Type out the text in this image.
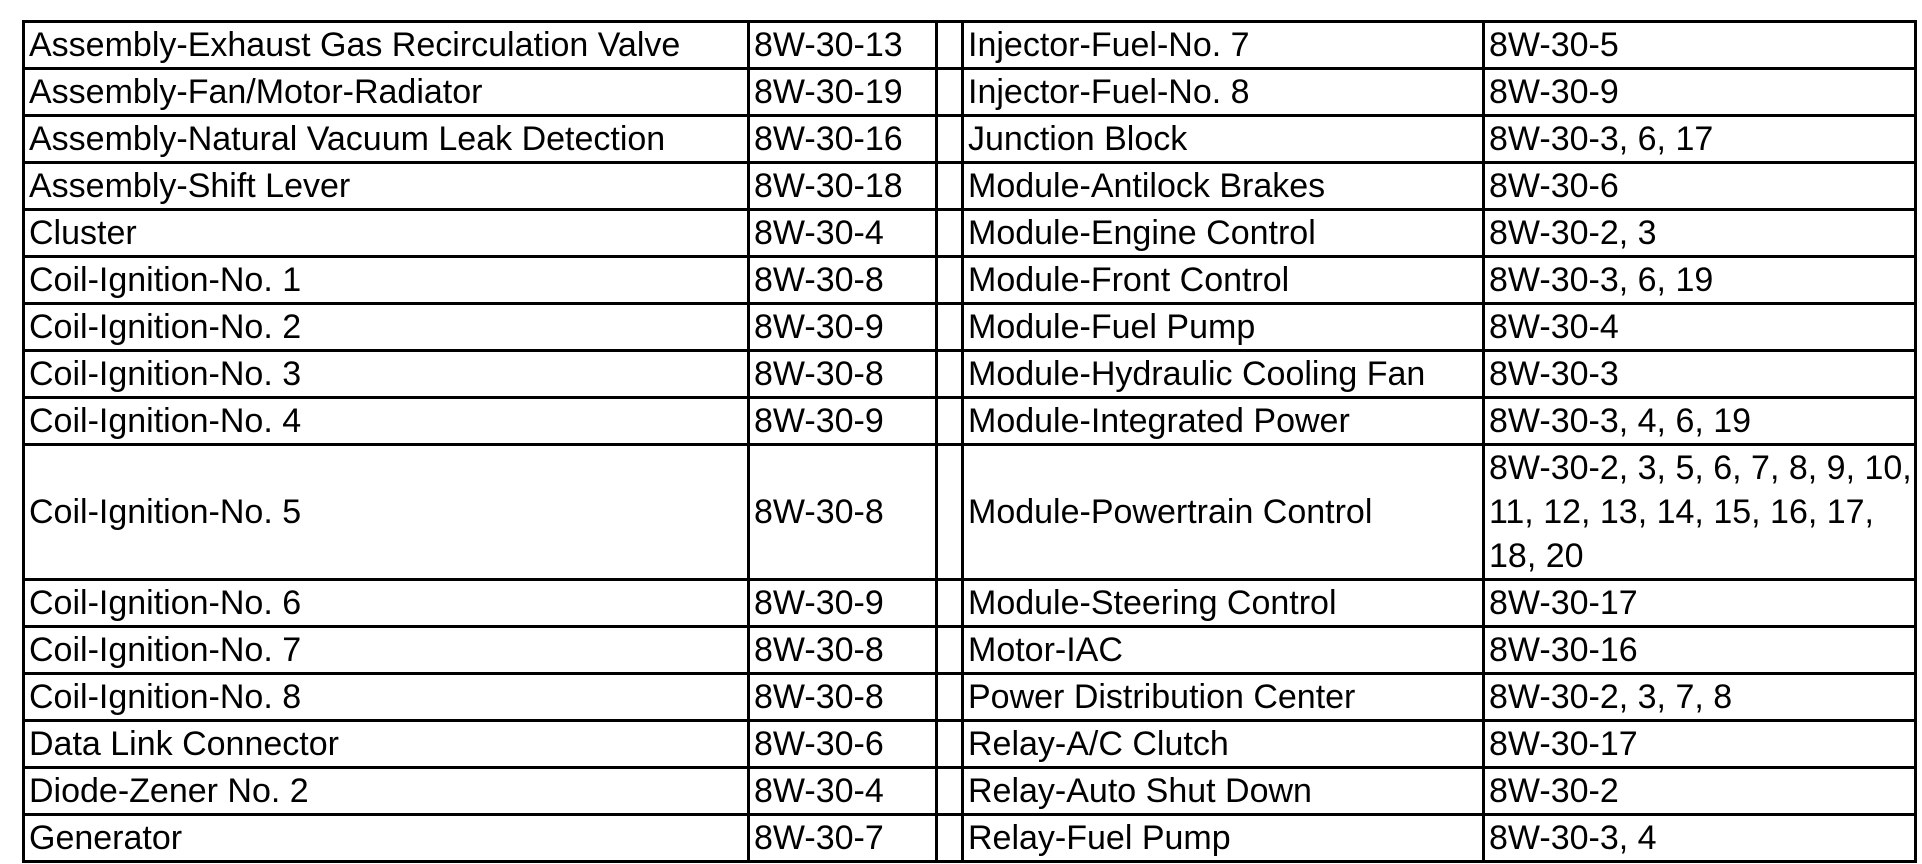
Assembly-Exhaust Gas Recirculation Valve	8W-30-13		Injector-Fuel-No. 7	8W-30-5
Assembly-Fan/Motor-Radiator	8W-30-19		Injector-Fuel-No. 8	8W-30-9
Assembly-Natural Vacuum Leak Detection	8W-30-16		Junction Block	8W-30-3, 6, 17
Assembly-Shift Lever	8W-30-18		Module-Antilock Brakes	8W-30-6
Cluster	8W-30-4		Module-Engine Control	8W-30-2, 3
Coil-Ignition-No. 1	8W-30-8		Module-Front Control	8W-30-3, 6, 19
Coil-Ignition-No. 2	8W-30-9		Module-Fuel Pump	8W-30-4
Coil-Ignition-No. 3	8W-30-8		Module-Hydraulic Cooling Fan	8W-30-3
Coil-Ignition-No. 4	8W-30-9		Module-Integrated Power	8W-30-3, 4, 6, 19
Coil-Ignition-No. 5	8W-30-8		Module-Powertrain Control	8W-30-2, 3, 5, 6, 7, 8, 9, 10, 11, 12, 13, 14, 15, 16, 17, 18, 20
Coil-Ignition-No. 6	8W-30-9		Module-Steering Control	8W-30-17
Coil-Ignition-No. 7	8W-30-8		Motor-IAC	8W-30-16
Coil-Ignition-No. 8	8W-30-8		Power Distribution Center	8W-30-2, 3, 7, 8
Data Link Connector	8W-30-6		Relay-A/C Clutch	8W-30-17
Diode-Zener No. 2	8W-30-4		Relay-Auto Shut Down	8W-30-2
Generator	8W-30-7		Relay-Fuel Pump	8W-30-3, 4
